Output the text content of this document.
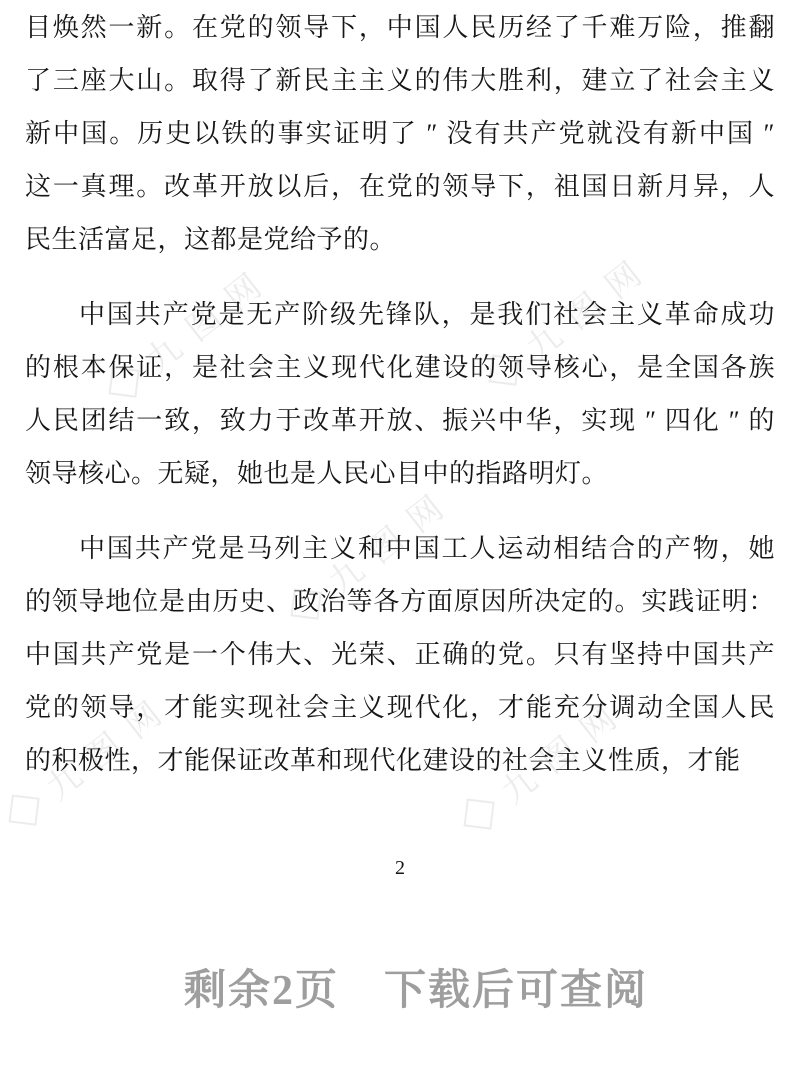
九图网	九图网
九图网
九图网	九图网
目焕然一新。在党的领导下，中国人民历经了千难万险，推翻
了三座大山。取得了新民主主义的伟大胜利，建立了社会主义
新中国。历史以铁的事实证明了 ″ 没有共产党就没有新中国 ″
这一真理。改革开放以后，在党的领导下，祖国日新月异，人
民生活富足，这都是党给予的。
中国共产党是无产阶级先锋队，是我们社会主义革命成功
的根本保证，是社会主义现代化建设的领导核心，是全国各族
人民团结一致，致力于改革开放、振兴中华，实现 ″ 四化 ″ 的
领导核心。无疑，她也是人民心目中的指路明灯。
中国共产党是马列主义和中国工人运动相结合的产物，她
的领导地位是由历史、政治等各方面原因所决定的。实践证明：
中国共产党是一个伟大、光荣、正确的党。只有坚持中国共产
党的领导，才能实现社会主义现代化，才能充分调动全国人民
的积极性，才能保证改革和现代化建设的社会主义性质，才能
2
剩余2页 下载后可查阅
